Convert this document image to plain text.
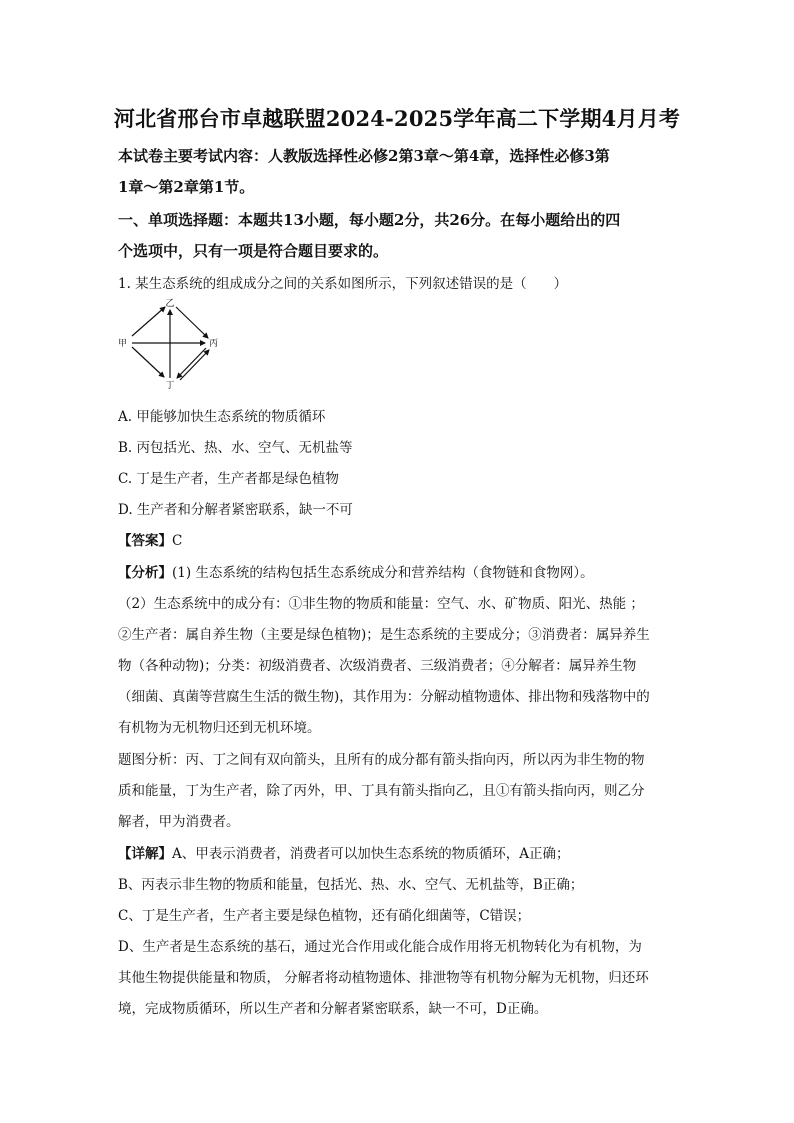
河北省邢台市卓越联盟2024-2025学年高二下学期4月月考
本试卷主要考试内容：人教版选择性必修2第3章～第4章，选择性必修3第
1章～第2章第1节。
一、单项选择题：本题共13小题，每小题2分，共26分。在每小题给出的四
个选项中，只有一项是符合题目要求的。
1. 某生态系统的组成成分之间的关系如图所示，下列叙述错误的是（　　）
乙
甲	丙
丁
A. 甲能够加快生态系统的物质循环
B. 丙包括光、热、水、空气、无机盐等
C. 丁是生产者，生产者都是绿色植物
D. 生产者和分解者紧密联系，缺一不可
【答案】C
【分析】(1) 生态系统的结构包括生态系统成分和营养结构（食物链和食物网）。
（2）生态系统中的成分有：①非生物的物质和能量：空气、水、矿物质、阳光、热能 ；
②生产者：属自养生物（主要是绿色植物)；是生态系统的主要成分；③消费者：属异养生
物（各种动物)；分类：初级消费者、次级消费者、三级消费者；④分解者：属异养生物
（细菌、真菌等营腐生生活的微生物)，其作用为：分解动植物遗体、排出物和残落物中的
有机物为无机物归还到无机环境。
题图分析：丙、丁之间有双向箭头，且所有的成分都有箭头指向丙，所以丙为非生物的物
质和能量，丁为生产者，除了丙外，甲、丁具有箭头指向乙，且①有箭头指向丙，则乙分
解者，甲为消费者。
【详解】A、甲表示消费者，消费者可以加快生态系统的物质循环，A正确；
B、丙表示非生物的物质和能量，包括光、热、水、空气、无机盐等，B正确；
C、丁是生产者，生产者主要是绿色植物，还有硝化细菌等，C错误；
D、生产者是生态系统的基石，通过光合作用或化能合成作用将无机物转化为有机物，为
其他生物提供能量和物质， 分解者将动植物遗体、排泄物等有机物分解为无机物，归还环
境，完成物质循环，所以生产者和分解者紧密联系，缺一不可，D正确。
